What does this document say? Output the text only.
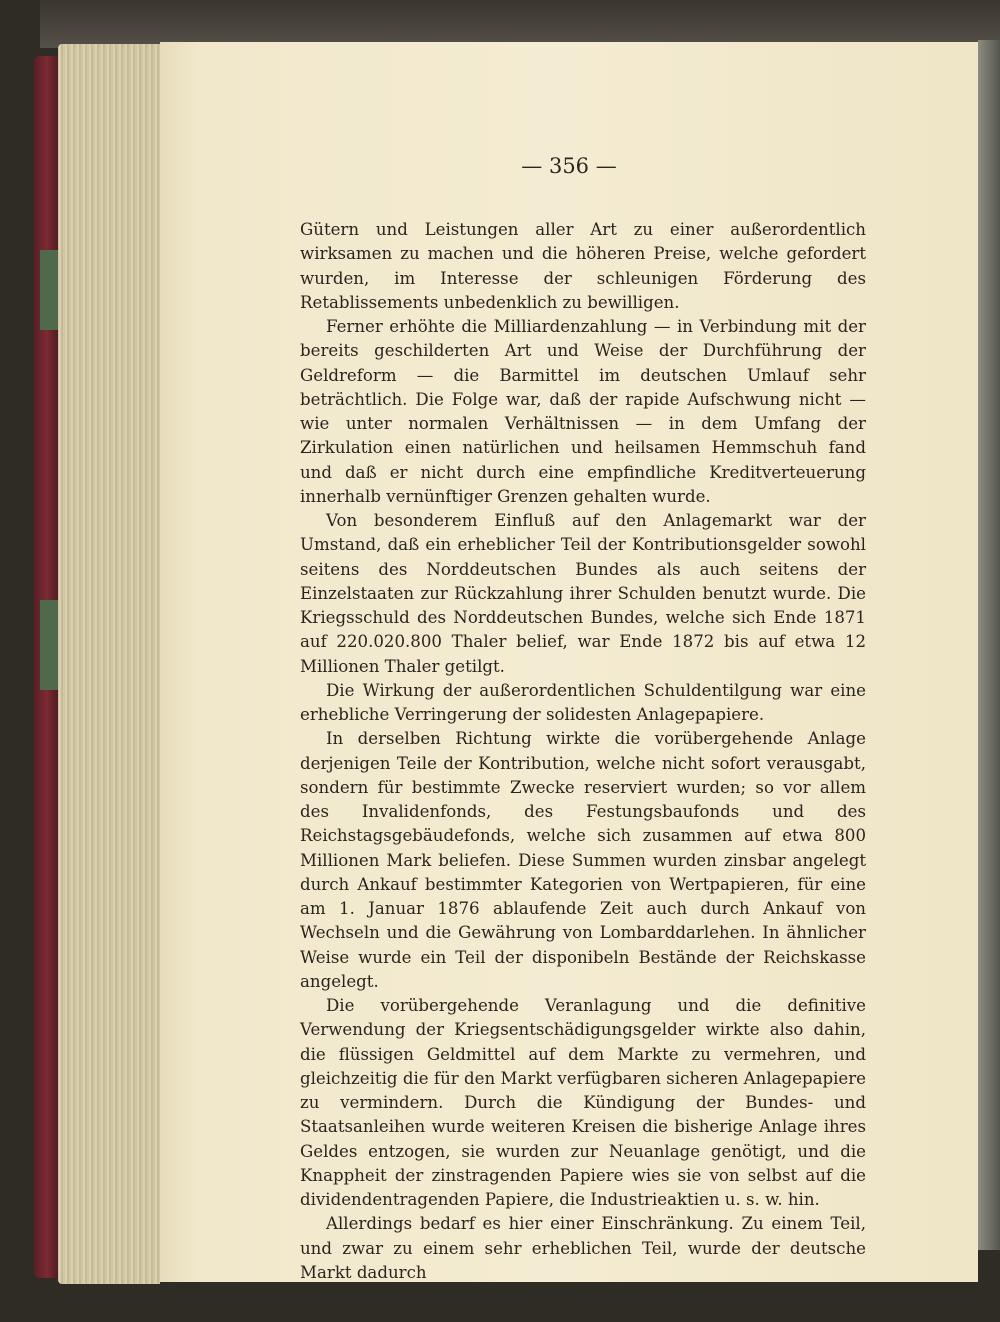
— 356 —

Gütern und Leistungen aller Art zu einer außerordentlich wirksamen zu machen und die höheren Preise, welche gefordert wurden, im Interesse der schleunigen Förderung des Retablissements unbedenklich zu bewilligen.

Ferner erhöhte die Milliardenzahlung — in Verbindung mit der bereits geschilderten Art und Weise der Durchführung der Geldreform — die Barmittel im deutschen Umlauf sehr beträchtlich. Die Folge war, daß der rapide Aufschwung nicht — wie unter normalen Verhältnissen — in dem Umfang der Zirkulation einen natürlichen und heilsamen Hemmschuh fand und daß er nicht durch eine empfindliche Kreditverteuerung innerhalb vernünftiger Grenzen gehalten wurde.

Von besonderem Einfluß auf den Anlagemarkt war der Umstand, daß ein erheblicher Teil der Kontributionsgelder sowohl seitens des Norddeutschen Bundes als auch seitens der Einzelstaaten zur Rückzahlung ihrer Schulden benutzt wurde. Die Kriegsschuld des Norddeutschen Bundes, welche sich Ende 1871 auf 220.020.800 Thaler belief, war Ende 1872 bis auf etwa 12 Millionen Thaler getilgt.

Die Wirkung der außerordentlichen Schuldentilgung war eine erhebliche Verringerung der solidesten Anlagepapiere.

In derselben Richtung wirkte die vorübergehende Anlage derjenigen Teile der Kontribution, welche nicht sofort verausgabt, sondern für bestimmte Zwecke reserviert wurden; so vor allem des Invalidenfonds, des Festungsbaufonds und des Reichstagsgebäudefonds, welche sich zusammen auf etwa 800 Millionen Mark beliefen. Diese Summen wurden zinsbar angelegt durch Ankauf bestimmter Kategorien von Wertpapieren, für eine am 1. Januar 1876 ablaufende Zeit auch durch Ankauf von Wechseln und die Gewährung von Lombarddarlehen. In ähnlicher Weise wurde ein Teil der disponibeln Bestände der Reichskasse angelegt.

Die vorübergehende Veranlagung und die definitive Verwendung der Kriegsentschädigungsgelder wirkte also dahin, die flüssigen Geldmittel auf dem Markte zu vermehren, und gleichzeitig die für den Markt verfügbaren sicheren Anlagepapiere zu vermindern. Durch die Kündigung der Bundes- und Staatsanleihen wurde weiteren Kreisen die bisherige Anlage ihres Geldes entzogen, sie wurden zur Neuanlage genötigt, und die Knappheit der zinstragenden Papiere wies sie von selbst auf die dividendentragenden Papiere, die Industrieaktien u. s. w. hin.

Allerdings bedarf es hier einer Einschränkung. Zu einem Teil, und zwar zu einem sehr erheblichen Teil, wurde der deutsche Markt dadurch
